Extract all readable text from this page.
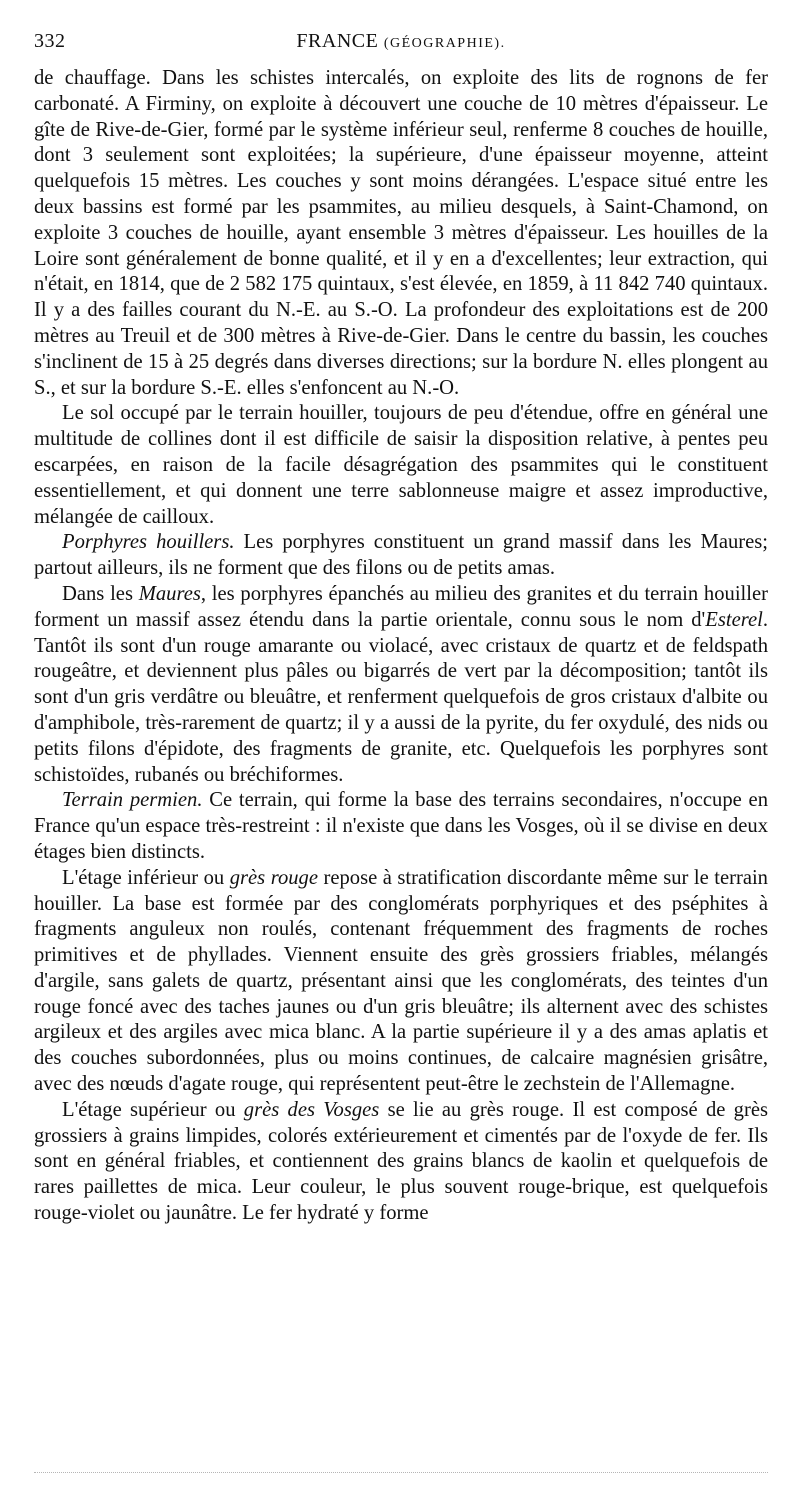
332	FRANCE (GÉOGRAPHIE).

de chauffage. Dans les schistes intercalés, on exploite des lits de rognons de fer carbonaté. A Firminy, on exploite à découvert une couche de 10 mètres d'épaisseur. Le gîte de Rive-de-Gier, formé par le système inférieur seul, renferme 8 couches de houille, dont 3 seulement sont exploitées; la supérieure, d'une épaisseur moyenne, atteint quelquefois 15 mètres. Les couches y sont moins dérangées. L'espace situé entre les deux bassins est formé par les psammites, au milieu desquels, à Saint-Chamond, on exploite 3 couches de houille, ayant ensemble 3 mètres d'épaisseur. Les houilles de la Loire sont généralement de bonne qualité, et il y en a d'excellentes; leur extraction, qui n'était, en 1814, que de 2 582 175 quintaux, s'est élevée, en 1859, à 11 842 740 quintaux. Il y a des failles courant du N.-E. au S.-O. La profondeur des exploitations est de 200 mètres au Treuil et de 300 mètres à Rive-de-Gier. Dans le centre du bassin, les couches s'inclinent de 15 à 25 degrés dans diverses directions; sur la bordure N. elles plongent au S., et sur la bordure S.-E. elles s'enfoncent au N.-O.

Le sol occupé par le terrain houiller, toujours de peu d'étendue, offre en général une multitude de collines dont il est difficile de saisir la disposition relative, à pentes peu escarpées, en raison de la facile désagrégation des psammites qui le constituent essentiellement, et qui donnent une terre sablonneuse maigre et assez improductive, mélangée de cailloux.

Porphyres houillers. Les porphyres constituent un grand massif dans les Maures; partout ailleurs, ils ne forment que des filons ou de petits amas.

Dans les Maures, les porphyres épanchés au milieu des granites et du terrain houiller forment un massif assez étendu dans la partie orientale, connu sous le nom d'Esterel. Tantôt ils sont d'un rouge amarante ou violacé, avec cristaux de quartz et de feldspath rougeâtre, et deviennent plus pâles ou bigarrés de vert par la décomposition; tantôt ils sont d'un gris verdâtre ou bleuâtre, et renferment quelquefois de gros cristaux d'albite ou d'amphibole, très-rarement de quartz; il y a aussi de la pyrite, du fer oxydulé, des nids ou petits filons d'épidote, des fragments de granite, etc. Quelquefois les porphyres sont schistoïdes, rubanés ou bréchiformes.

Terrain permien. Ce terrain, qui forme la base des terrains secondaires, n'occupe en France qu'un espace très-restreint : il n'existe que dans les Vosges, où il se divise en deux étages bien distincts.

L'étage inférieur ou grès rouge repose à stratification discordante même sur le terrain houiller. La base est formée par des conglomérats porphyriques et des pséphites à fragments anguleux non roulés, contenant fréquemment des fragments de roches primitives et de phyllades. Viennent ensuite des grès grossiers friables, mélangés d'argile, sans galets de quartz, présentant ainsi que les conglomérats, des teintes d'un rouge foncé avec des taches jaunes ou d'un gris bleuâtre; ils alternent avec des schistes argileux et des argiles avec mica blanc. A la partie supérieure il y a des amas aplatis et des couches subordonnées, plus ou moins continues, de calcaire magnésien grisâtre, avec des nœuds d'agate rouge, qui représentent peut-être le zechstein de l'Allemagne.

L'étage supérieur ou grès des Vosges se lie au grès rouge. Il est composé de grès grossiers à grains limpides, colorés extérieurement et cimentés par de l'oxyde de fer. Ils sont en général friables, et contiennent des grains blancs de kaolin et quelquefois de rares paillettes de mica. Leur couleur, le plus souvent rouge-brique, est quelquefois rouge-violet ou jaunâtre. Le fer hydraté y forme
